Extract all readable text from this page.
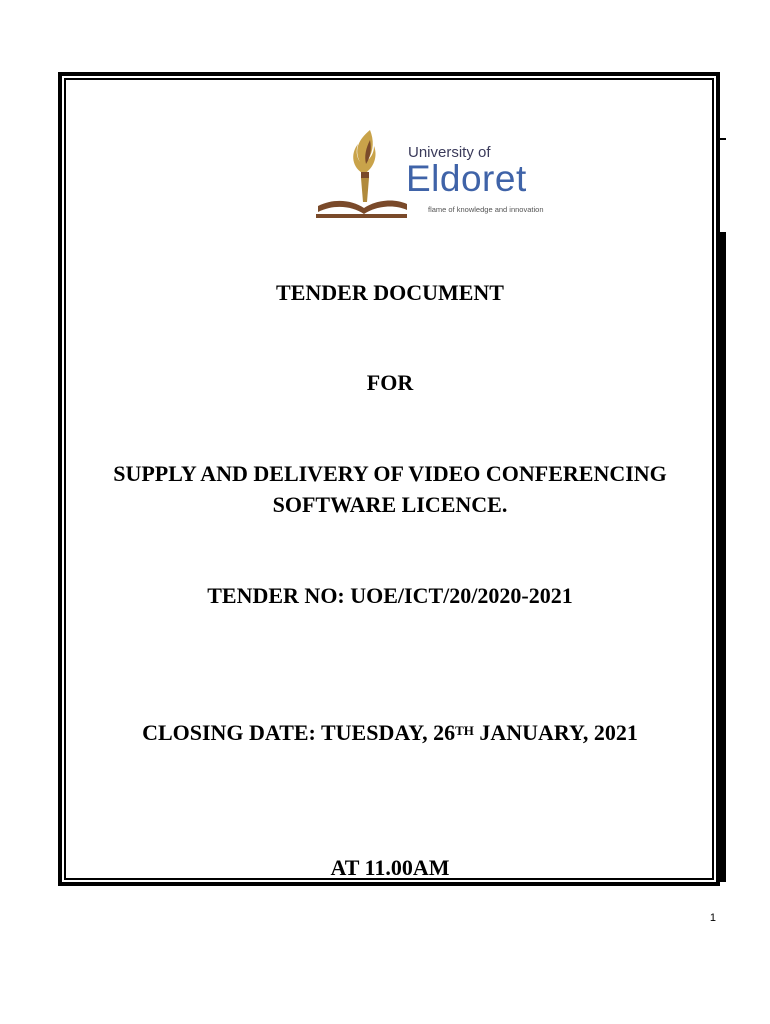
University of
Eldoret
flame of knowledge and innovation
TENDER DOCUMENT
FOR
SUPPLY AND DELIVERY OF VIDEO CONFERENCING
SOFTWARE LICENCE.
TENDER NO: UOE/ICT/20/2020-2021
CLOSING DATE: TUESDAY, 26TH JANUARY, 2021
AT 11.00AM
1
